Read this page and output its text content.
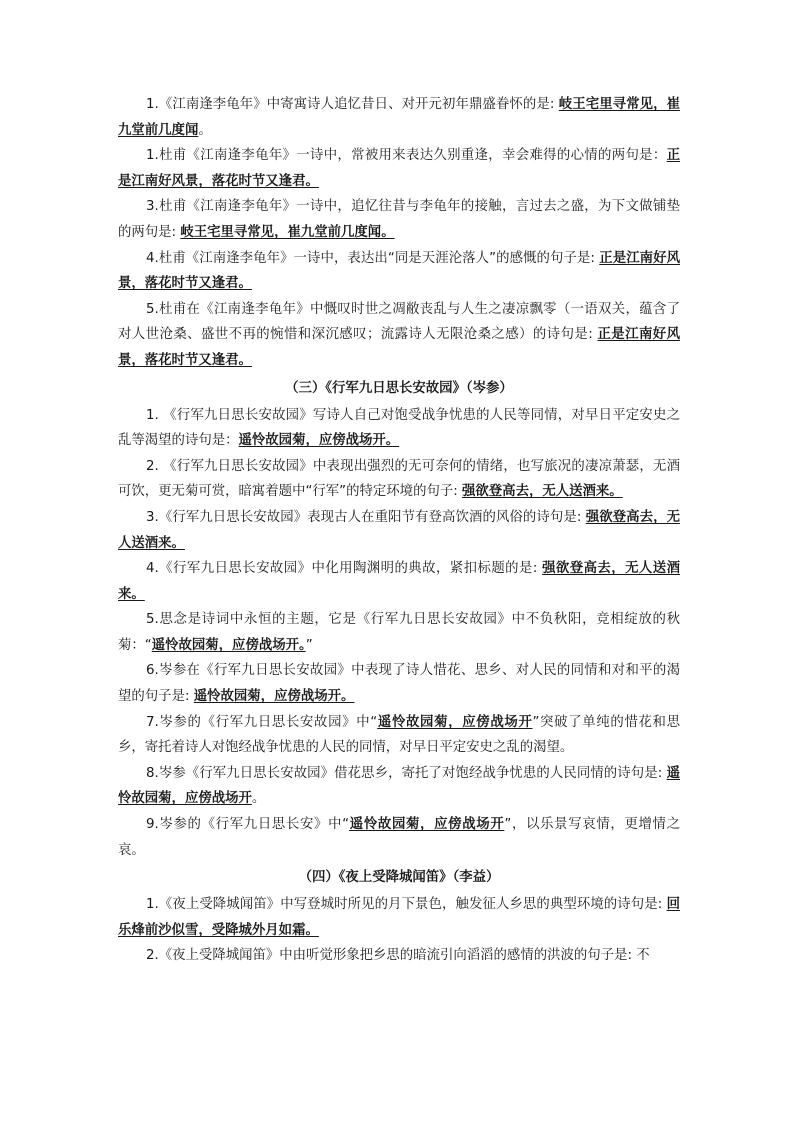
1.《江南逢李龟年》中寄寓诗人追忆昔日、对开元初年鼎盛眷怀的是: 岐王宅里寻常见，崔九堂前几度闻。

1.杜甫《江南逢李龟年》一诗中，常被用来表达久别重逢，幸会难得的心情的两句是：正是江南好风景，落花时节又逢君。

3.杜甫《江南逢李龟年》一诗中，追忆往昔与李龟年的接触，言过去之盛，为下文做铺垫的两句是: 岐王宅里寻常见，崔九堂前几度闻。

4.杜甫《江南逢李龟年》一诗中，表达出“同是天涯沦落人”的感慨的句子是: 正是江南好风景，落花时节又逢君。

5.杜甫在《江南逢李龟年》中慨叹时世之凋敝丧乱与人生之凄凉飘零（一语双关，蕴含了对人世沧桑、盛世不再的惋惜和深沉感叹；流露诗人无限沧桑之感）的诗句是: 正是江南好风景，落花时节又逢君。

（三）《行军九日思长安故园》（岑参）

1. 《行军九日思长安故园》写诗人自己对饱受战争忧患的人民等同情，对早日平定安史之乱等渴望的诗句是：遥怜故园菊，应傍战场开。

2. 《行军九日思长安故园》中表现出强烈的无可奈何的情绪，也写旅况的凄凉萧瑟，无酒可饮，更无菊可赏，暗寓着题中“行军”的特定环境的句子: 强欲登高去，无人送酒来。

3.《行军九日思长安故园》表现古人在重阳节有登高饮酒的风俗的诗句是: 强欲登高去，无人送酒来。

4.《行军九日思长安故园》中化用陶渊明的典故，紧扣标题的是: 强欲登高去，无人送酒来。

5.思念是诗词中永恒的主题，它是《行军九日思长安故园》中不负秋阳，竞相绽放的秋菊：“遥怜故园菊，应傍战场开。”

6.岑参在《行军九日思长安故园》中表现了诗人惜花、思乡、对人民的同情和对和平的渴望的句子是: 遥怜故园菊，应傍战场开。

7.岑参的《行军九日思长安故园》中“遥怜故园菊，应傍战场开”突破了单纯的惜花和思乡，寄托着诗人对饱经战争忧患的人民的同情，对早日平定安史之乱的渴望。

8.岑参《行军九日思长安故园》借花思乡，寄托了对饱经战争忧患的人民同情的诗句是: 遥怜故园菊，应傍战场开。

9.岑参的《行军九日思长安》中“遥怜故园菊，应傍战场开”，以乐景写哀情，更增情之哀。

（四）《夜上受降城闻笛》（李益）

1.《夜上受降城闻笛》中写登城时所见的月下景色，触发征人乡思的典型环境的诗句是: 回乐烽前沙似雪，受降城外月如霜。

2.《夜上受降城闻笛》中由听觉形象把乡思的暗流引向滔滔的感情的洪波的句子是: 不
